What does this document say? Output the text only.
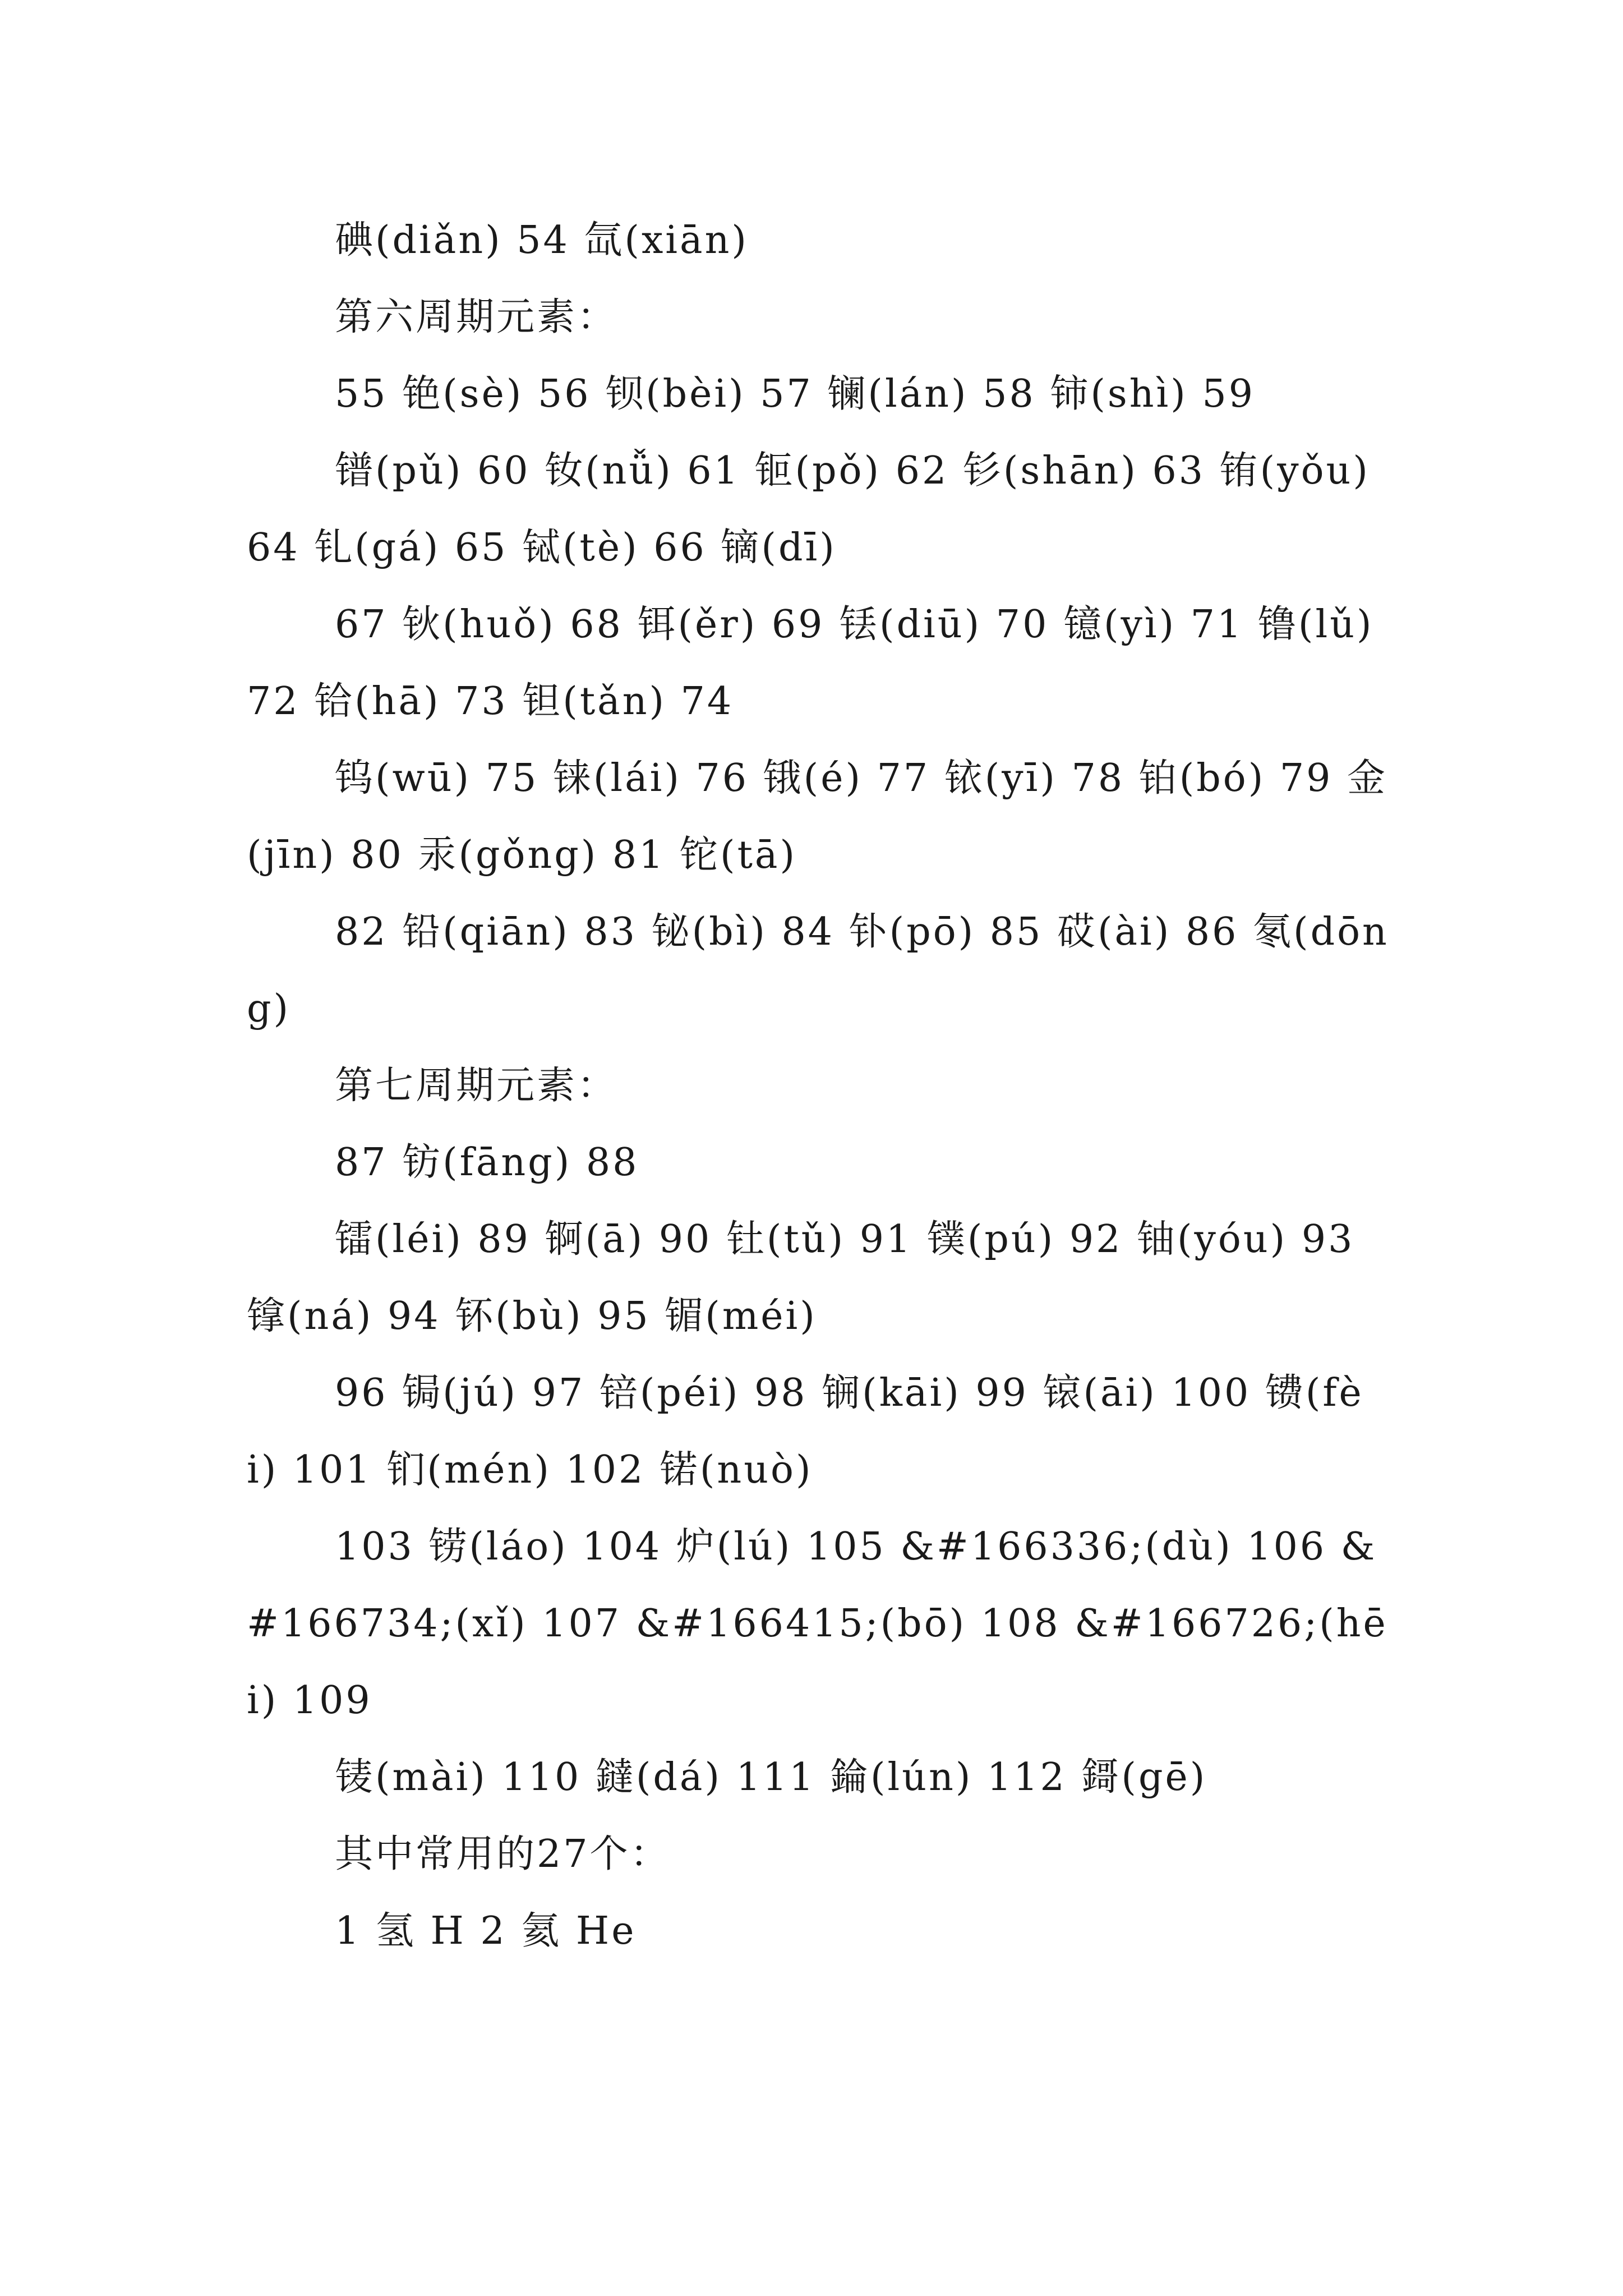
碘(diǎn) 54 氙(xiān)

第六周期元素：

55 铯(sè) 56 钡(bèi) 57 镧(lán) 58 铈(shì) 59

镨(pǔ) 60 钕(nǚ) 61 钷(pǒ) 62 钐(shān) 63 铕(yǒu) 64 钆(gá) 65 铽(tè) 66 镝(dī)

67 钬(huǒ) 68 铒(ěr) 69 铥(diū) 70 镱(yì) 71 镥(lǔ) 72 铪(hā) 73 钽(tǎn) 74

钨(wū) 75 铼(lái) 76 锇(é) 77 铱(yī) 78 铂(bó) 79 金(jīn) 80 汞(gǒng) 81 铊(tā)

82 铅(qiān) 83 铋(bì) 84 钋(pō) 85 砹(ài) 86 氡(dōng)

第七周期元素：

87 钫(fāng) 88

镭(léi) 89 锕(ā) 90 钍(tǔ) 91 镤(pú) 92 铀(yóu) 93 镎(ná) 94 钚(bù) 95 镅(méi)

96 锔(jú) 97 锫(péi) 98 锎(kāi) 99 锿(āi) 100 镄(fèi) 101 钔(mén) 102 锘(nuò)

103 铹(láo) 104 炉(lú) 105 &#166336;(dù) 106 &#166734;(xǐ) 107 &#166415;(bō) 108 &#166726;(hēi) 109

鿏(mài) 110 鐽(dá) 111 錀(lún) 112 鎶(gē)

其中常用的27个：

1 氢 H 2 氦 He
